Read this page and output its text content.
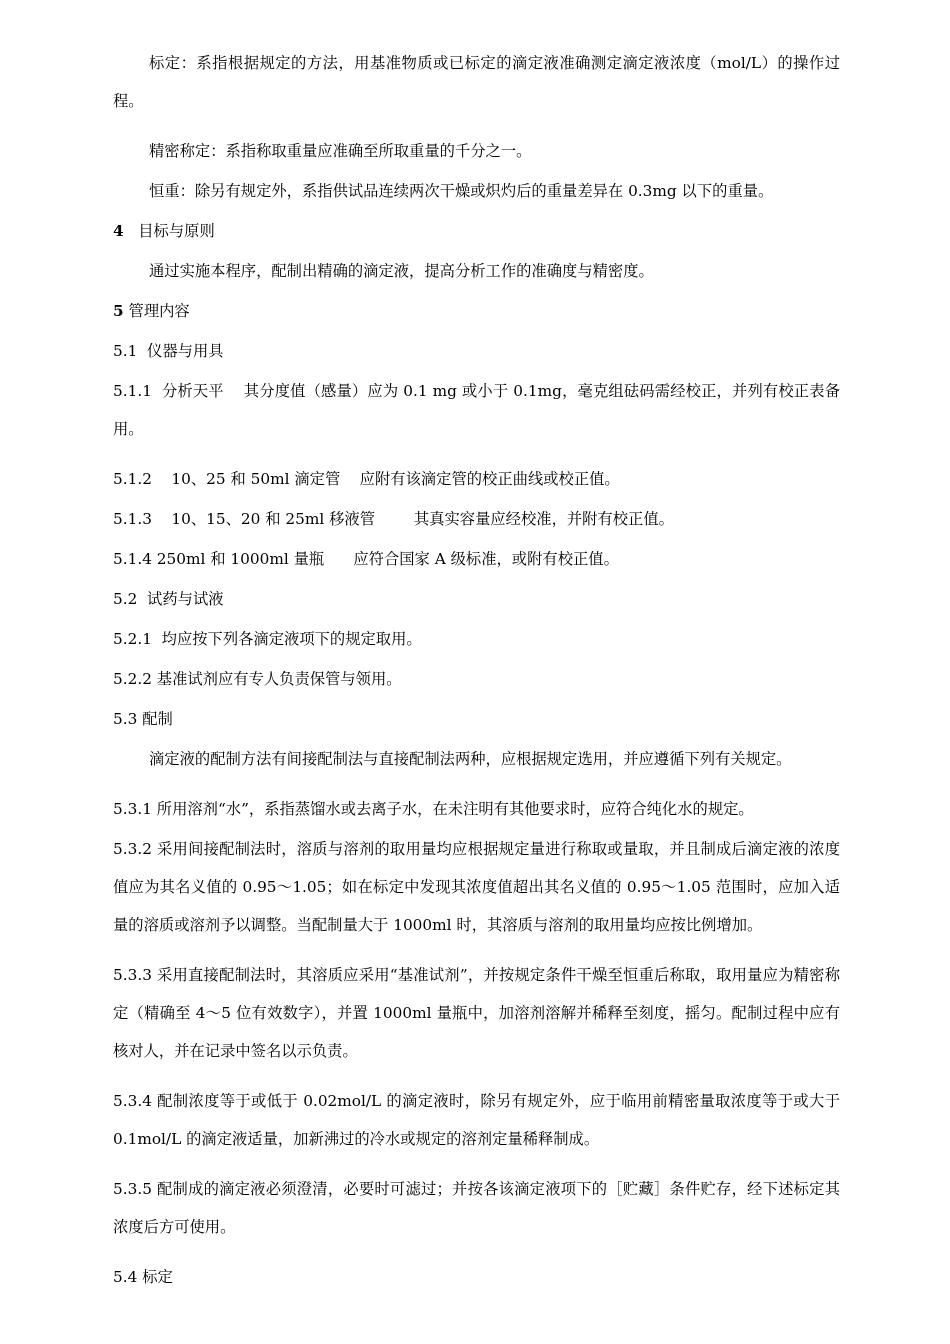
标定：系指根据规定的方法，用基准物质或已标定的滴定液准确测定滴定液浓度（mol/L）的操作过程。
精密称定：系指称取重量应准确至所取重量的千分之一。
恒重：除另有规定外，系指供试品连续两次干燥或炽灼后的重量差异在 0.3mg 以下的重量。
4 目标与原则
通过实施本程序，配制出精确的滴定液，提高分析工作的准确度与精密度。
5 管理内容
5.1  仪器与用具
5.1.1  分析天平    其分度值（感量）应为 0.1 mg 或小于 0.1mg，毫克组砝码需经校正，并列有校正表备用。
5.1.2    10、25 和 50ml 滴定管    应附有该滴定管的校正曲线或校正值。
5.1.3    10、15、20 和 25ml 移液管        其真实容量应经校准，并附有校正值。
5.1.4 250ml 和 1000ml 量瓶      应符合国家 A 级标准，或附有校正值。
5.2  试药与试液
5.2.1  均应按下列各滴定液项下的规定取用。
5.2.2 基准试剂应有专人负责保管与领用。
5.3 配制
滴定液的配制方法有间接配制法与直接配制法两种，应根据规定选用，并应遵循下列有关规定。
5.3.1 所用溶剂“水”，系指蒸馏水或去离子水，在未注明有其他要求时，应符合纯化水的规定。
5.3.2 采用间接配制法时，溶质与溶剂的取用量均应根据规定量进行称取或量取，并且制成后滴定液的浓度值应为其名义值的 0.95～1.05；如在标定中发现其浓度值超出其名义值的 0.95～1.05 范围时，应加入适量的溶质或溶剂予以调整。当配制量大于 1000ml 时，其溶质与溶剂的取用量均应按比例增加。
5.3.3 采用直接配制法时，其溶质应采用“基准试剂”，并按规定条件干燥至恒重后称取，取用量应为精密称定（精确至 4～5 位有效数字），并置 1000ml 量瓶中，加溶剂溶解并稀释至刻度，摇匀。配制过程中应有核对人，并在记录中签名以示负责。
5.3.4 配制浓度等于或低于 0.02mol/L 的滴定液时，除另有规定外，应于临用前精密量取浓度等于或大于 0.1mol/L 的滴定液适量，加新沸过的冷水或规定的溶剂定量稀释制成。
5.3.5 配制成的滴定液必须澄清，必要时可滤过；并按各该滴定液项下的［贮藏］条件贮存，经下述标定其浓度后方可使用。
5.4 标定
